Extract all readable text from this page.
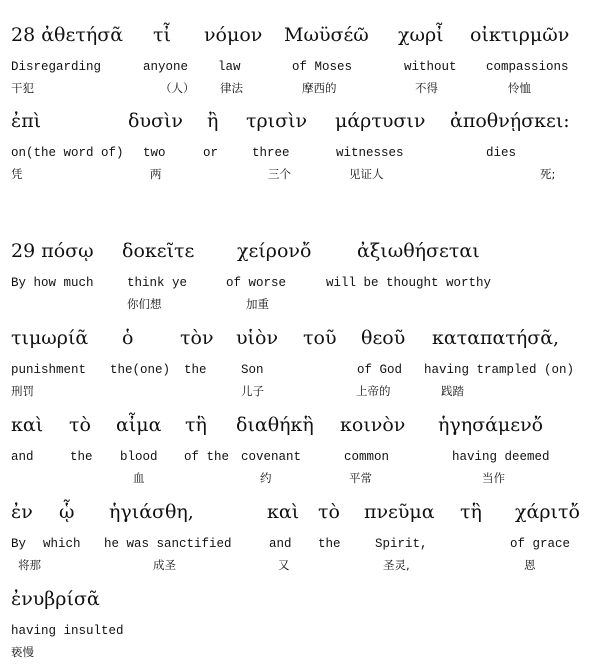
28 ἀθετήσᾶ
Disregarding
干犯
τἶ
anyone
（人）
νόμον
law
律法
Μωϋσέῶ
of Moses
摩西的
χωρἶ
without
不得
οἰκτιρμῶν
compassions
怜恤
ἐπὶ
on(the word of)
凭
δυσὶν
two
两
ἢ
or
τρισὶν
three
三个
μάρτυσιν
witnesses
见证人
ἀποθνῄσκει:
dies
死;
29 πόσῳ
By how much
δοκεῖτε
think ye
你们想
χείρονὄ
of worse
加重
ἀξιωθήσεται
will be thought worthy
τιμωρίᾶ
punishment
刑罚
ὁ
the(one)
τὸν
the
υἱὸν
Son
儿子
τοῦ θεοῦ
of God
上帝的
καταπατήσᾶ,
having trampled (on)
践踏
καὶ
and
τὸ
the
αἶμα
blood
血
τἣ
of the
διαθήκἣ
covenant
约
κοινὸν
common
平常
ἡγησάμενὄ
having deemed
当作
ἐν
By
将那
ᾧ
which
ἡγιάσθη,
he was sanctified
成圣
καὶ
and
又
τὸ
the
πνεῦμα
Spirit,
圣灵,
τἣ χάριτὄ
of grace
恩
ἐνυβρίσᾶ
having insulted
亵慢
